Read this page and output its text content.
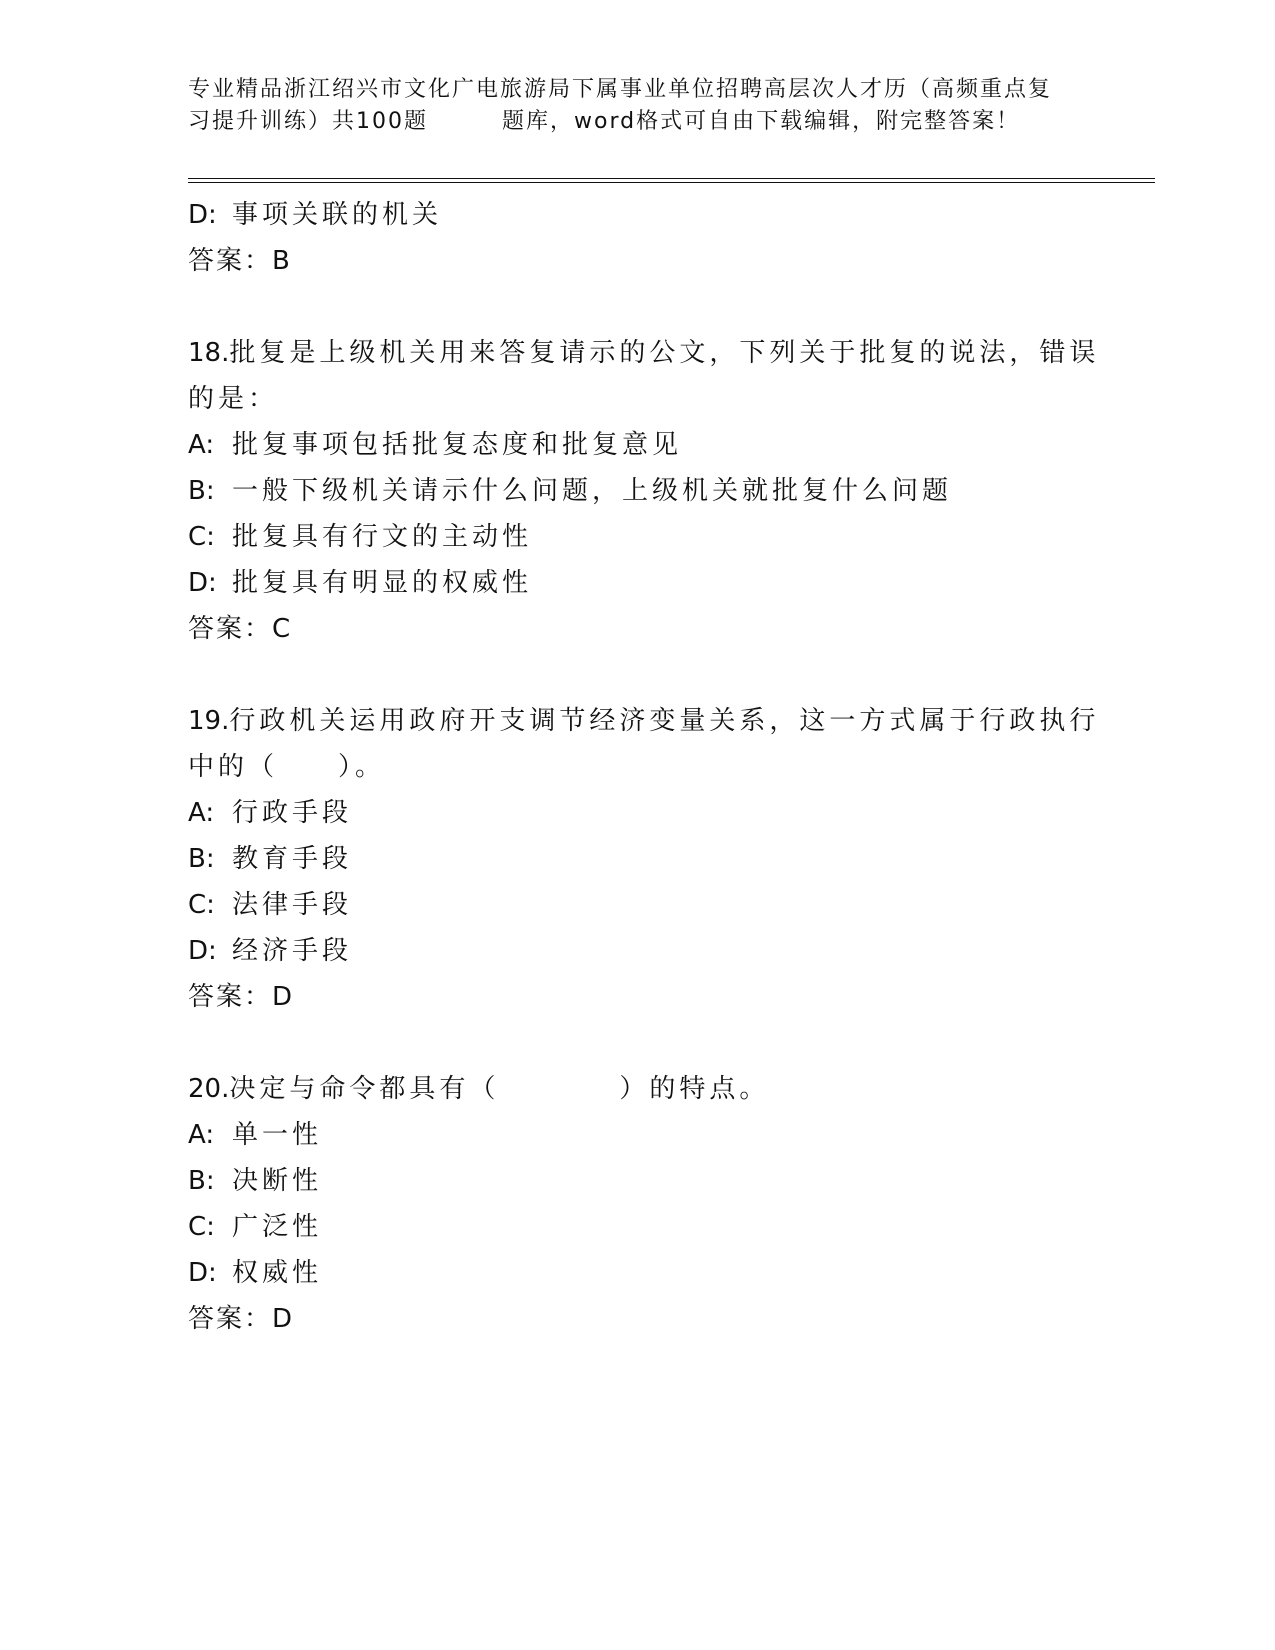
专业精品浙江绍兴市文化广电旅游局下属事业单位招聘高层次人才历（高频重点复
习提升训练）共100题	题库，word格式可自由下载编辑，附完整答案！
D: 事项关联的机关
答案：B
18.批复是上级机关用来答复请示的公文，下列关于批复的说法，错误
的是：
A: 批复事项包括批复态度和批复意见
B: 一般下级机关请示什么问题，上级机关就批复什么问题
C: 批复具有行文的主动性
D: 批复具有明显的权威性
答案：C
19.行政机关运用政府开支调节经济变量关系，这一方式属于行政执行
中的（　　）。
A: 行政手段
B: 教育手段
C: 法律手段
D: 经济手段
答案：D
20.决定与命令都具有（　　　　）的特点。
A: 单一性
B: 决断性
C: 广泛性
D: 权威性
答案：D
